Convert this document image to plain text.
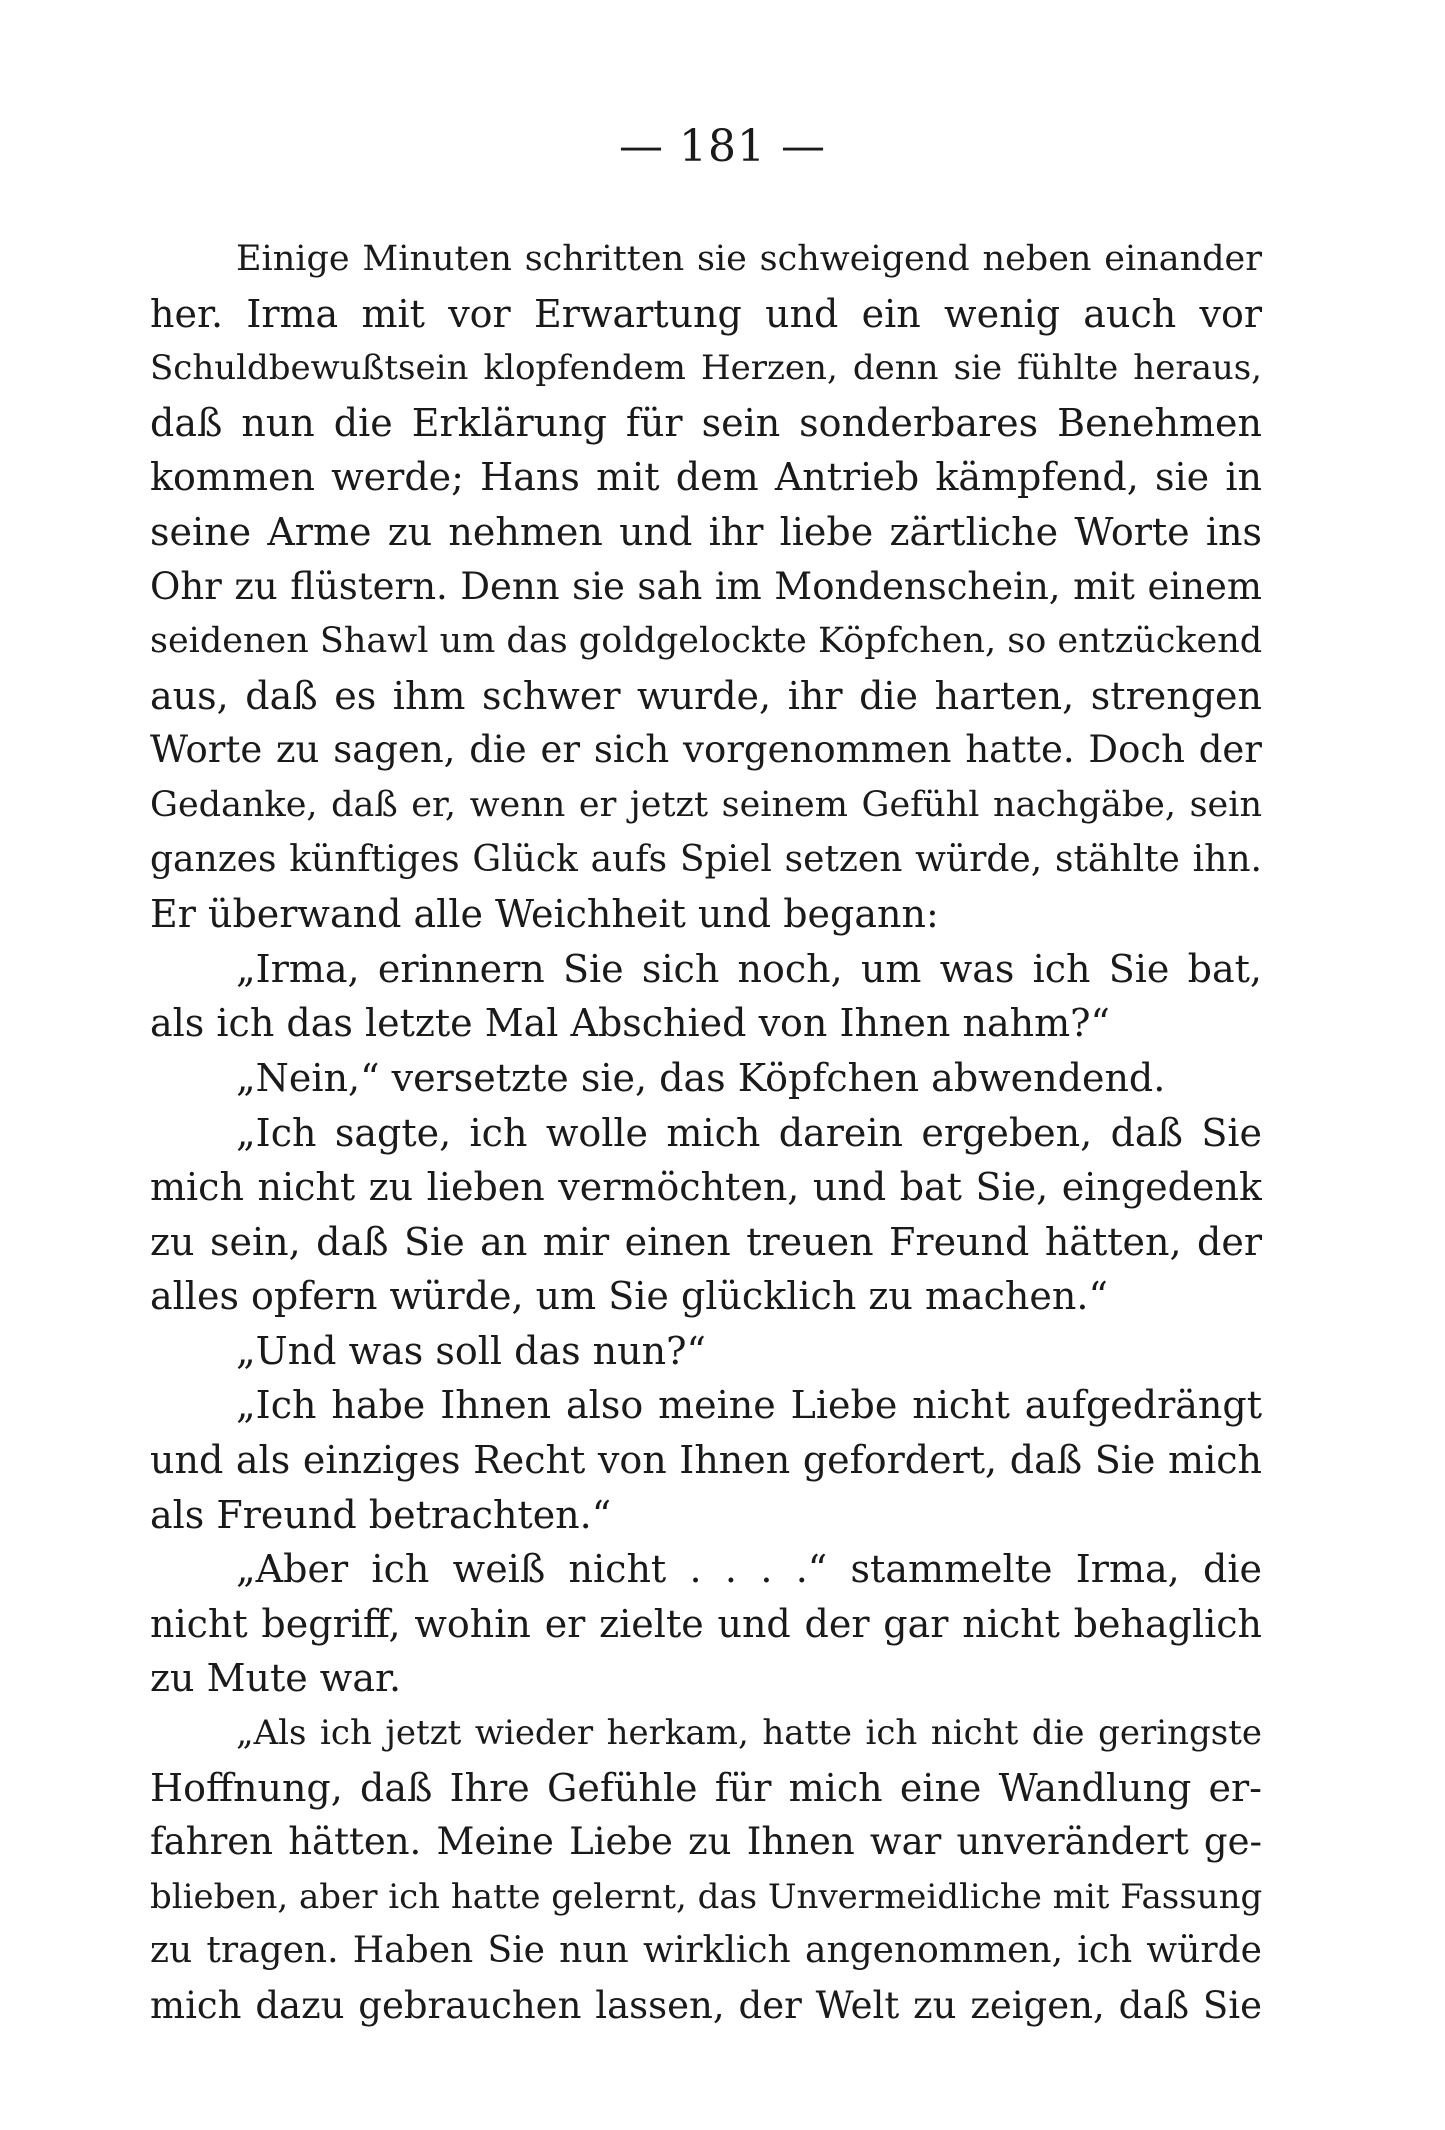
— 181 —
Einige Minuten schritten sie schweigend neben einander
her. Irma mit vor Erwartung und ein wenig auch vor
Schuldbewußtsein klopfendem Herzen, denn sie fühlte heraus,
daß nun die Erklärung für sein sonderbares Benehmen
kommen werde; Hans mit dem Antrieb kämpfend, sie in
seine Arme zu nehmen und ihr liebe zärtliche Worte ins
Ohr zu flüstern. Denn sie sah im Mondenschein, mit einem
seidenen Shawl um das goldgelockte Köpfchen, so entzückend
aus, daß es ihm schwer wurde, ihr die harten, strengen
Worte zu sagen, die er sich vorgenommen hatte. Doch der
Gedanke, daß er, wenn er jetzt seinem Gefühl nachgäbe, sein
ganzes künftiges Glück aufs Spiel setzen würde, stählte ihn.
Er überwand alle Weichheit und begann:
„Irma, erinnern Sie sich noch, um was ich Sie bat,
als ich das letzte Mal Abschied von Ihnen nahm?“
„Nein,“ versetzte sie, das Köpfchen abwendend.
„Ich sagte, ich wolle mich darein ergeben, daß Sie
mich nicht zu lieben vermöchten, und bat Sie, eingedenk
zu sein, daß Sie an mir einen treuen Freund hätten, der
alles opfern würde, um Sie glücklich zu machen.“
„Und was soll das nun?“
„Ich habe Ihnen also meine Liebe nicht aufgedrängt
und als einziges Recht von Ihnen gefordert, daß Sie mich
als Freund betrachten.“
„Aber ich weiß nicht . . . .“ stammelte Irma, die
nicht begriff, wohin er zielte und der gar nicht behaglich
zu Mute war.
„Als ich jetzt wieder herkam, hatte ich nicht die geringste
Hoffnung, daß Ihre Gefühle für mich eine Wandlung er-
fahren hätten. Meine Liebe zu Ihnen war unverändert ge-
blieben, aber ich hatte gelernt, das Unvermeidliche mit Fassung
zu tragen. Haben Sie nun wirklich angenommen, ich würde
mich dazu gebrauchen lassen, der Welt zu zeigen, daß Sie
